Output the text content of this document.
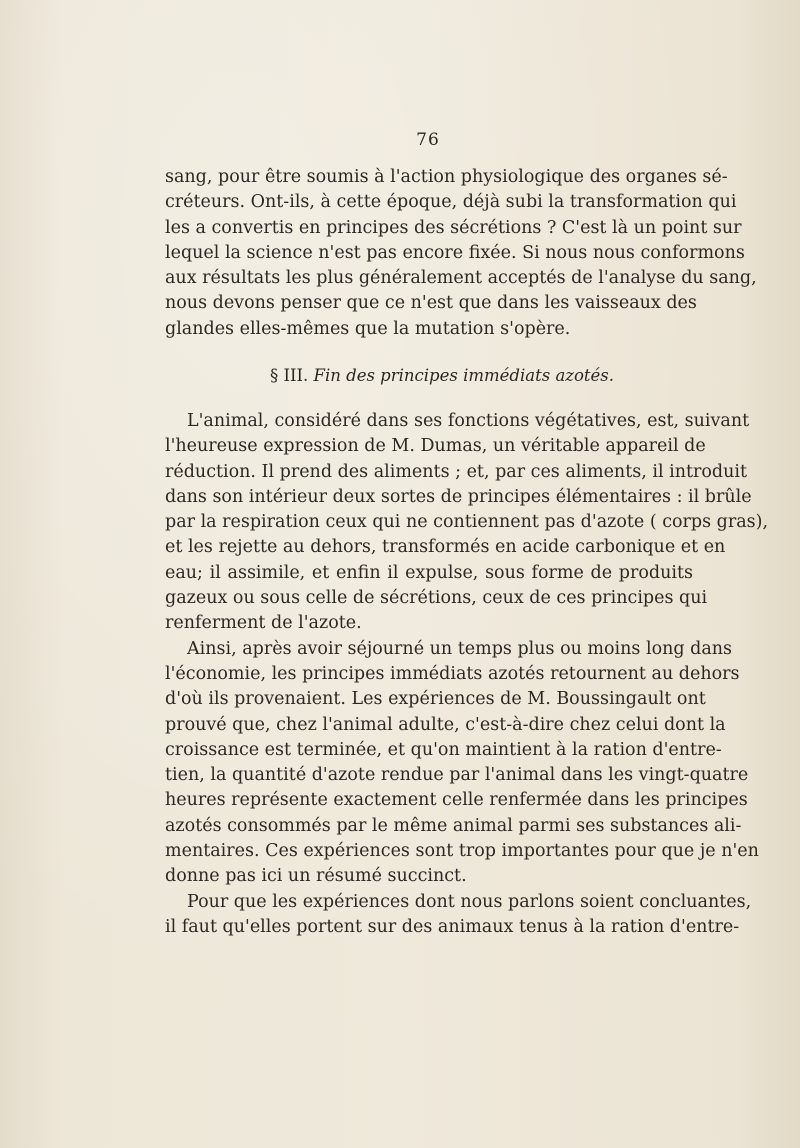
76
sang, pour être soumis à l'action physiologique des organes sé-
créteurs. Ont-ils, à cette époque, déjà subi la transformation qui
les a convertis en principes des sécrétions ? C'est là un point sur
lequel la science n'est pas encore fixée. Si nous nous conformons
aux résultats les plus généralement acceptés de l'analyse du sang,
nous devons penser que ce n'est que dans les vaisseaux des
glandes elles-mêmes que la mutation s'opère.
§ III. Fin des principes immédiats azotés.
L'animal, considéré dans ses fonctions végétatives, est, suivant
l'heureuse expression de M. Dumas, un véritable appareil de
réduction. Il prend des aliments ; et, par ces aliments, il introduit
dans son intérieur deux sortes de principes élémentaires : il brûle
par la respiration ceux qui ne contiennent pas d'azote ( corps gras),
et les rejette au dehors, transformés en acide carbonique et en
eau; il assimile, et enfin il expulse, sous forme de produits
gazeux ou sous celle de sécrétions, ceux de ces principes qui
renferment de l'azote.
Ainsi, après avoir séjourné un temps plus ou moins long dans
l'économie, les principes immédiats azotés retournent au dehors
d'où ils provenaient. Les expériences de M. Boussingault ont
prouvé que, chez l'animal adulte, c'est-à-dire chez celui dont la
croissance est terminée, et qu'on maintient à la ration d'entre-
tien, la quantité d'azote rendue par l'animal dans les vingt-quatre
heures représente exactement celle renfermée dans les principes
azotés consommés par le même animal parmi ses substances ali-
mentaires. Ces expériences sont trop importantes pour que je n'en
donne pas ici un résumé succinct.
Pour que les expériences dont nous parlons soient concluantes,
il faut qu'elles portent sur des animaux tenus à la ration d'entre-
